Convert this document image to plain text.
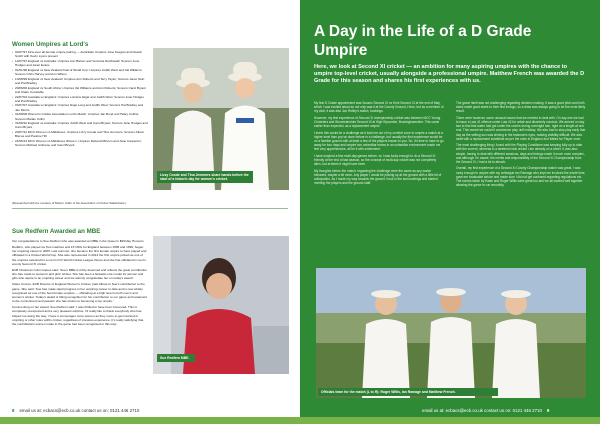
Women Umpires at Lord's
• 04/07/97 First-ever all-female umpire pairing — Australian Umpires June Keegan and Nowell Smith with Kevin Lyons present
• 14/07/97 England vs Australia: Umpires Ann Barton and Veronica Reichwald; Scorers June Hodges and Janet Evans
• 01/01/98 England vs New Zealand final of World Cup: Umpires Judith West and Val Williams; Scorers Chris Harvey and Ann Wilson
• 13/08/99 England vs New Zealand: Umpires Ann Roberts and Terry Taylor; Scorers Janet Sturt and Pat Bradley
• 20/06/00 England vs South Africa: Umpires Val Williams and Ann Roberts; Scorers Carol Bryant and Claire Constable
• 22/07/04 Australia vs England: Umpires Lorraine Elgar and Judith West; Scorers Joan Hodges and Pat Bradley
• 03/07/07 Australia vs England: Umpires Nigel Long and Judith West; Scorers Pat Bradley and Jan Morris
• 31/08/08 Women's Cricket Association Lord's Match: Umpires Jan Bond and Hilary Collins; Scorers Marian Collin
• 31/08/10 England vs Australia: Umpires Judith West and Carol Bryant; Scorers Jane Hodges and Carol Bryant
• 20/07/12 MCC Women vs Middlesex: Umpires Lizzy Coode and Tina Jemmers; Scorers Alison Biscoe and Pauline Hill
• 24/06/13 MCC Women vs Middlesex Women: Umpires Deborah Bruton and Jane Carpenter; Scorers Michael Ambrose and Carol Bryant
Lizzy Coode and Tina Jemmers share hands before the start of a historic day for women's cricket.
(Researched with the courtesy of Marion Collin of the Association of Cricket Statisticians.)
Sue Redfern Awarded an MBE

Our congratulations to Sue Redfern who was awarded an MBE in the Queen's Birthday Honours.

Redfern, who played six Test matches and 15 ODIs for England between 1995 and 1999, began her umpiring career in 2005. Last summer, she became the first female umpire to have played and officiated in a Cricket World Cup. She also represented in 2013 the first umpire picked as one of the umpires selected for a men's ICC World Cricket League fixture and she has officiated in men's county Second XI cricket.

ECB Chairman Colin Graves said: 'Sue's MBE is richly deserved and reflects the great contribution she has made to women's and girls' cricket. She has been a fantastic role model for women and girls who aspire to an umpiring career and we warmly congratulate her on today's award.'

Claire Connor, ECB Director of England Women's Cricket, paid tribute to Sue's contribution to the game. She said: 'Sue has made rapid progress in her umpiring career to date and is now widely recognised as one of the best female umpires — officiating at a high level in both men's and women's cricket. Today's award is fitting recognition for her contribution to our game and testament to the commitment and passion she has shown to becoming a top umpire.'

Commenting on her award, Sue Redfern said: 'I was thrilled to have been honoured. This is completely unexpected and a very pleasant surprise. I'd really like to thank everybody who has helped me along the way. I hope it encourages more women as they come to get involved in umpiring or other roles within cricket, regardless of previous experience. It's really satisfying that the contributions women make to the game has been recognised in this way.'

Sue Redfern MBE.
8 email us at: ecbacs@ecb.co.uk contact us on: 0121 446 2710
A Day in the Life of a D Grade Umpire
Here, we look at Second XI cricket — an ambition for many aspiring umpires with the chance to umpire top-level cricket, usually alongside a professional umpire. Matthew French was awarded the D Grade for this season and shares his first experiences with us.

My first D Grade appointment was Sussex Second XI vs Kent Second XI at the end of May, which I was excited about as not only was it at the County Ground, Hove, but as a member of my club, it was also Jon Ridley's match, bookings.

However, my first experience of Second XI championship cricket was between MCC Young Cricketers and Worcestershire Second XI at High Wycombe, Buckinghamshire. This came earlier than expected, as a replacement umpire.

I knew this would be a challenge as it took me out of my comfort zone to umpire a match at a higher level than you've done before in a challenge, but usually the first experience would be on a familiar ground with at least a few of the players known to you. So, it's time to have to go away for four days and umpire two unfamiliar teams in an unfamiliar environment made me feel very apprehensive, all be it with excitement.

I have umpired a few multi-day games before, so I was lucky enough to do a Second XI friendly at the end of last season, so the concept of multi-day cricket was not completely alien, but at times it might have been.

My thoughts before the match: regarding the challenge were the same as any match behaved, maybe a bit more. Any player I would be picking up at the ground with a little bit of anticipation. As I made my way towards the ground I took in the surroundings and started meeting the players and the ground staff.

The game itself was not challenging regarding decision making. It was a good pitch and both sides made good starts to their first innings, so a draw was always going to be the most likely result.

There were however, some unusual issues that we needed to deal with. On day one we had to issue a Law 41 offence under Law 42 for unfair and disorderly conduct. We arrived on day two to find that water had got under the covers during overnight rain, right on a length at one end. This meant we couldn't commence play until midday. We also had to stop play early that day as the setting sun was shining in the batsman's eyes, making visibility difficult. We also dealt with a replacement substitute as per the rules in England and Wales for Player once.

The most challenging thing I found with the Playing Conditions was keeping fully up to date with the current, whereas in a weekend club cricket I am already on a sheet. It was also simple, having to deal with different sessions, days and timings made it much more complex, and although I'm aware, the merits and responsibility of the Second XI Championship from the Second XI, I had a lot to absorb.

Overall, my first experience of a Second XI County Championship match was great. I was lucky enough to umpire with my colleague Ian Ramage who kept me involved the whole time, gave me invaluable advice and made sure I did not get confused regarding regulations etc. The scores taken by Kwan and Roger Willis were great too and we all worked well together allowing the game to run smoothly.

Officials team for the match (L to R): Roger Willis, Ian Ramage and Matthew French.
email us at: ecbacs@ecb.co.uk contact us on: 0121 446 2710 9
